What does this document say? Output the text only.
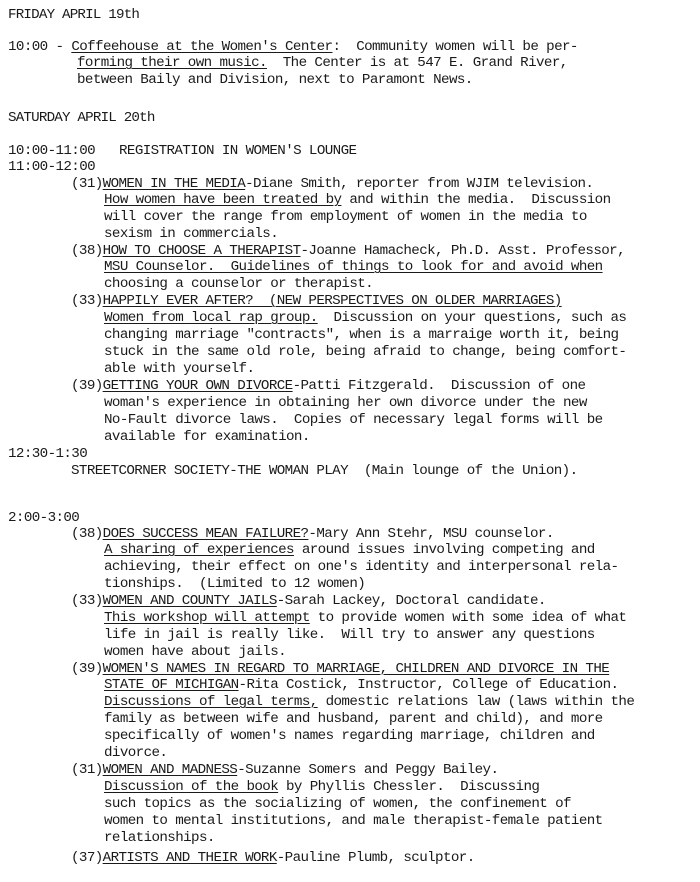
FRIDAY APRIL 19th
10:00 - Coffeehouse at the Women's Center:  Community women will be per-
forming their own music.  The Center is at 547 E. Grand River,
between Baily and Division, next to Paramont News.
SATURDAY APRIL 20th
10:00-11:00 REGISTRATION IN WOMEN'S LOUNGE
11:00-12:00
(31)WOMEN IN THE MEDIA-Diane Smith, reporter from WJIM television.
How women have been treated by and within the media.  Discussion
will cover the range from employment of women in the media to
sexism in commercials.
(38)HOW TO CHOOSE A THERAPIST-Joanne Hamacheck, Ph.D. Asst. Professor,
MSU Counselor.  Guidelines of things to look for and avoid when
choosing a counselor or therapist.
(33)HAPPILY EVER AFTER?  (NEW PERSPECTIVES ON OLDER MARRIAGES)
Women from local rap group.  Discussion on your questions, such as
changing marriage "contracts", when is a marraige worth it, being
stuck in the same old role, being afraid to change, being comfort-
able with yourself.
(39)GETTING YOUR OWN DIVORCE-Patti Fitzgerald.  Discussion of one
woman's experience in obtaining her own divorce under the new
No-Fault divorce laws.  Copies of necessary legal forms will be
available for examination.
12:30-1:30
STREETCORNER SOCIETY-THE WOMAN PLAY  (Main lounge of the Union).
2:00-3:00
(38)DOES SUCCESS MEAN FAILURE?-Mary Ann Stehr, MSU counselor.
A sharing of experiences around issues involving competing and
achieving, their effect on one's identity and interpersonal rela-
tionships.  (Limited to 12 women)
(33)WOMEN AND COUNTY JAILS-Sarah Lackey, Doctoral candidate.
This workshop will attempt to provide women with some idea of what
life in jail is really like.  Will try to answer any questions
women have about jails.
(39)WOMEN'S NAMES IN REGARD TO MARRIAGE, CHILDREN AND DIVORCE IN THE
STATE OF MICHIGAN-Rita Costick, Instructor, College of Education.
Discussions of legal terms, domestic relations law (laws within the
family as between wife and husband, parent and child), and more
specifically of women's names regarding marriage, children and
divorce.
(31)WOMEN AND MADNESS-Suzanne Somers and Peggy Bailey.
Discussion of the book by Phyllis Chessler.  Discussing
such topics as the socializing of women, the confinement of
women to mental institutions, and male therapist-female patient
relationships.
(37)ARTISTS AND THEIR WORK-Pauline Plumb, sculptor.
